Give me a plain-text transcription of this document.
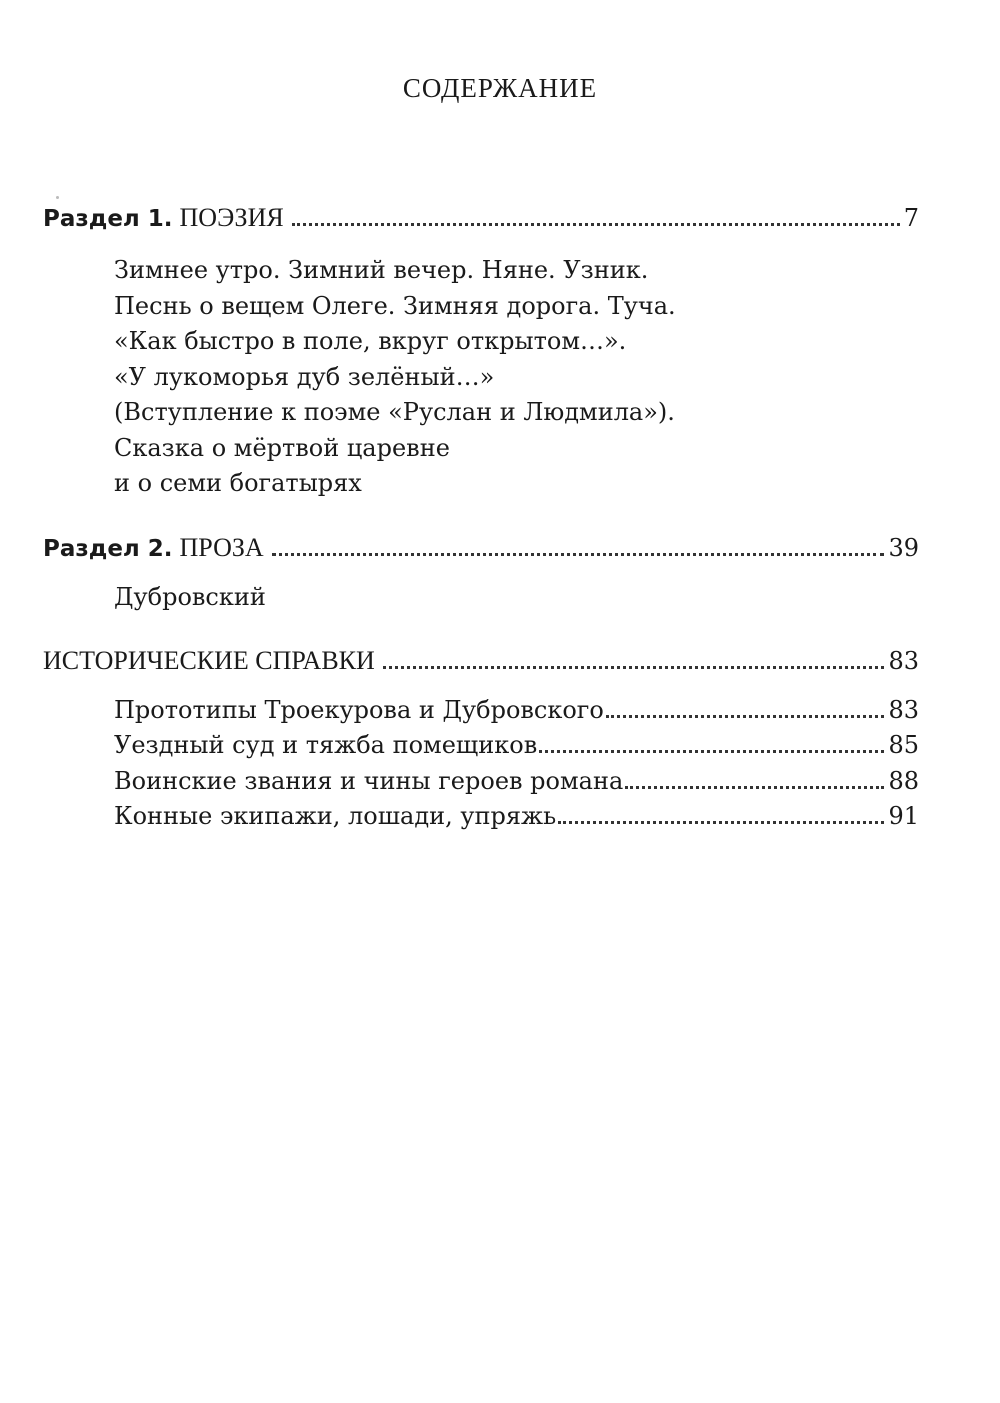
СОДЕРЖАНИЕ
Раздел 1. ПОЭЗИЯ	7
Зимнее утро. Зимний вечер. Няне. Узник.
Песнь о вещем Олеге. Зимняя дорога. Туча.
«Как быстро в поле, вкруг открытом…».
«У лукоморья дуб зелёный…»
(Вступление к поэме «Руслан и Людмила»).
Сказка о мёртвой царевне
и о семи богатырях
Раздел 2. ПРОЗА	39
Дубровский
ИСТОРИЧЕСКИЕ СПРАВКИ	83
Прототипы Троекурова и Дубровского	83
Уездный суд и тяжба помещиков	85
Воинские звания и чины героев романа	88
Конные экипажи, лошади, упряжь	91
